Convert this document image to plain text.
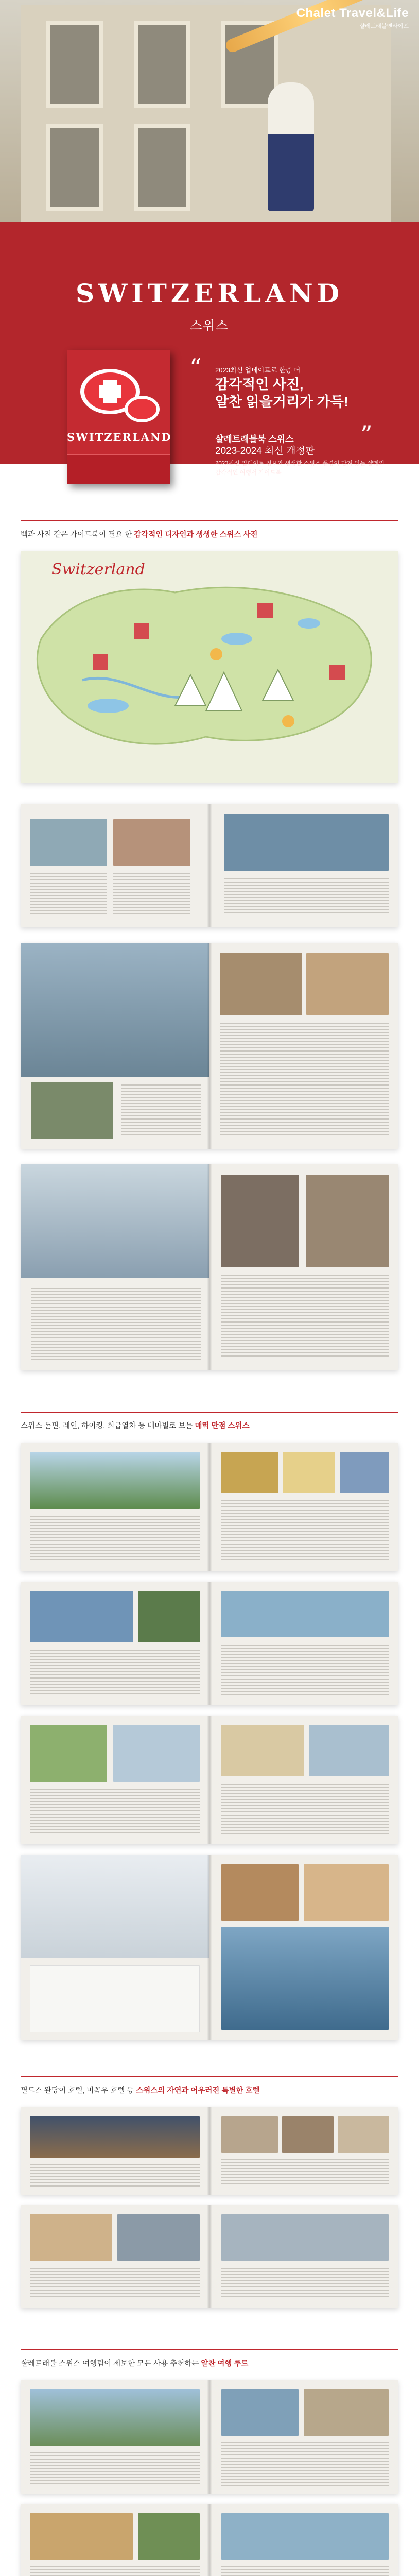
Chalet Travel&Life
샬레트래블앤라이프
SWITZERLAND
스위스
SWITZERLAND
“ 2023최신 업데이트로 한층 더
감각적인 사진,
알찬 읽을거리가 가득!
”
샬레트래블북 스위스
2023-2024 최신 개정판
2023최신 업데이트 정보와 생생한 스위스 풍경이 담겨 있는 샬레의 감각적인 여행서 가이드북
백과 사전 같은 가이드북이 필요 한 감각적인 디자인과 생생한 스위스 사진
Switzerland
스위스 돈핀, 레인, 하이킹, 희급열차 등 테마별로 보는 매력 만점 스위스
필드스 완당이 호텔, 미꼼우 호텔 등 스위스의 자연과 어우러진 특별한 호텔
샬레트래블 스위스 여행팀이 제보한 모든 사용 추천하는 알찬 여행 루트
